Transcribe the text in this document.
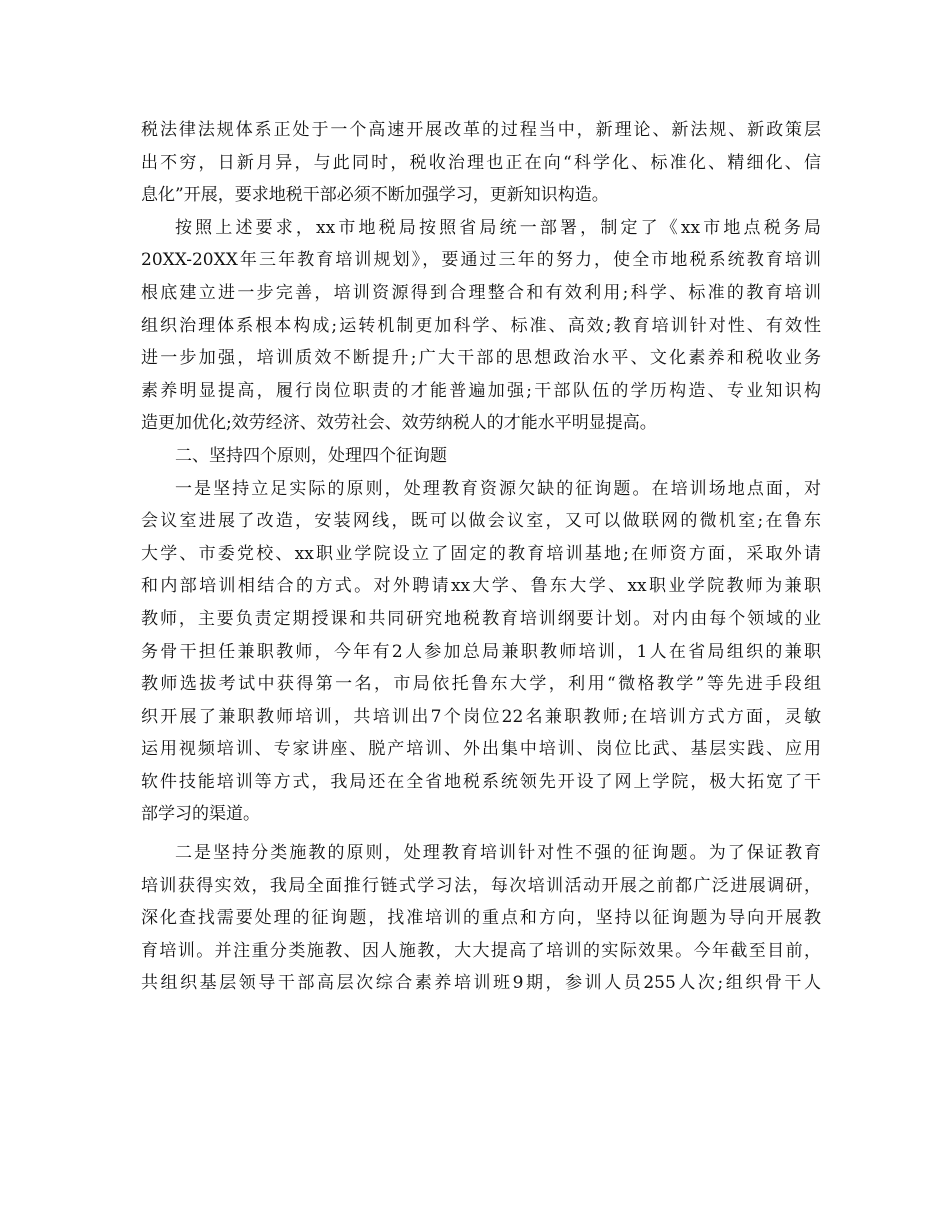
税法律法规体系正处于一个高速开展改革的过程当中，新理论、新法规、新政策层
出不穷，日新月异，与此同时，税收治理也正在向“科学化、标准化、精细化、信
息化”开展，要求地税干部必须不断加强学习，更新知识构造。
按照上述要求，xx市地税局按照省局统一部署，制定了《xx市地点税务局
20XX-20XX年三年教育培训规划》，要通过三年的努力，使全市地税系统教育培训
根底建立进一步完善，培训资源得到合理整合和有效利用;科学、标准的教育培训
组织治理体系根本构成;运转机制更加科学、标准、高效;教育培训针对性、有效性
进一步加强，培训质效不断提升;广大干部的思想政治水平、文化素养和税收业务
素养明显提高，履行岗位职责的才能普遍加强;干部队伍的学历构造、专业知识构
造更加优化;效劳经济、效劳社会、效劳纳税人的才能水平明显提高。
二、坚持四个原则，处理四个征询题
一是坚持立足实际的原则，处理教育资源欠缺的征询题。在培训场地点面，对
会议室进展了改造，安装网线，既可以做会议室，又可以做联网的微机室;在鲁东
大学、市委党校、xx职业学院设立了固定的教育培训基地;在师资方面，采取外请
和内部培训相结合的方式。对外聘请xx大学、鲁东大学、xx职业学院教师为兼职
教师，主要负责定期授课和共同研究地税教育培训纲要计划。对内由每个领域的业
务骨干担任兼职教师，今年有2人参加总局兼职教师培训，1人在省局组织的兼职
教师选拔考试中获得第一名，市局依托鲁东大学，利用“微格教学”等先进手段组
织开展了兼职教师培训，共培训出7个岗位22名兼职教师;在培训方式方面，灵敏
运用视频培训、专家讲座、脱产培训、外出集中培训、岗位比武、基层实践、应用
软件技能培训等方式，我局还在全省地税系统领先开设了网上学院，极大拓宽了干
部学习的渠道。
二是坚持分类施教的原则，处理教育培训针对性不强的征询题。为了保证教育
培训获得实效，我局全面推行链式学习法，每次培训活动开展之前都广泛进展调研，
深化查找需要处理的征询题，找准培训的重点和方向，坚持以征询题为导向开展教
育培训。并注重分类施教、因人施教，大大提高了培训的实际效果。今年截至目前，
共组织基层领导干部高层次综合素养培训班9期，参训人员255人次;组织骨干人
